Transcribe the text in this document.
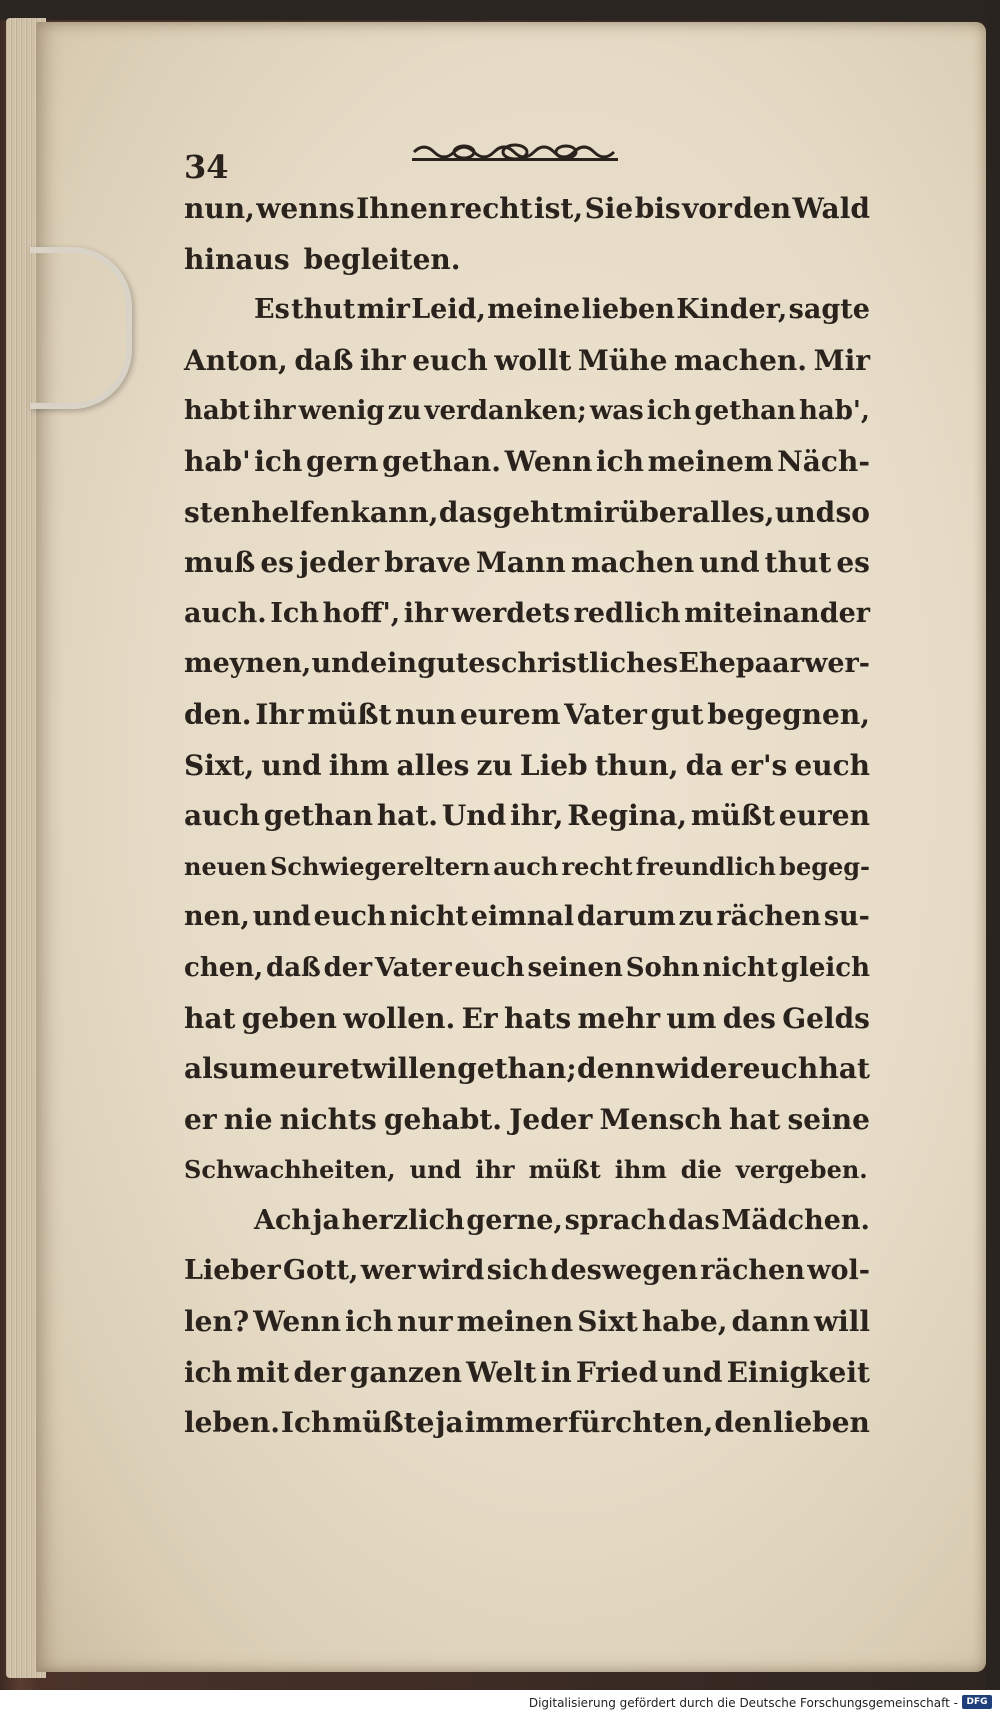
34
nun, wenns Ihnen recht ist, Sie bis vor den Wald
hinaus begleiten.
Es thut mir Leid, meine lieben Kinder, sagte
Anton, daß ihr euch wollt Mühe machen. Mir
habt ihr wenig zu verdanken; was ich gethan hab',
hab' ich gern gethan. Wenn ich meinem Näch-
sten helfen kann, das geht mir über alles, und so
muß es jeder brave Mann machen und thut es
auch. Ich hoff', ihr werdets redlich miteinander
meynen, und ein gutes christliches Ehepaar wer-
den. Ihr müßt nun eurem Vater gut begegnen,
Sixt, und ihm alles zu Lieb thun, da er's euch
auch gethan hat. Und ihr, Regina, müßt euren
neuen Schwiegereltern auch recht freundlich begeg-
nen, und euch nicht eimnal darum zu rächen su-
chen, daß der Vater euch seinen Sohn nicht gleich
hat geben wollen. Er hats mehr um des Gelds
als um euretwillen gethan; denn wider euch hat
er nie nichts gehabt. Jeder Mensch hat seine
Schwachheiten, und ihr müßt ihm die vergeben.
Ach ja herzlich gerne, sprach das Mädchen.
Lieber Gott, wer wird sich deswegen rächen wol-
len? Wenn ich nur meinen Sixt habe, dann will
ich mit der ganzen Welt in Fried und Einigkeit
leben. Ich müßte ja immer fürchten, den lieben
Digitalisierung gefördert durch die Deutsche Forschungsgemeinschaft - DFG
